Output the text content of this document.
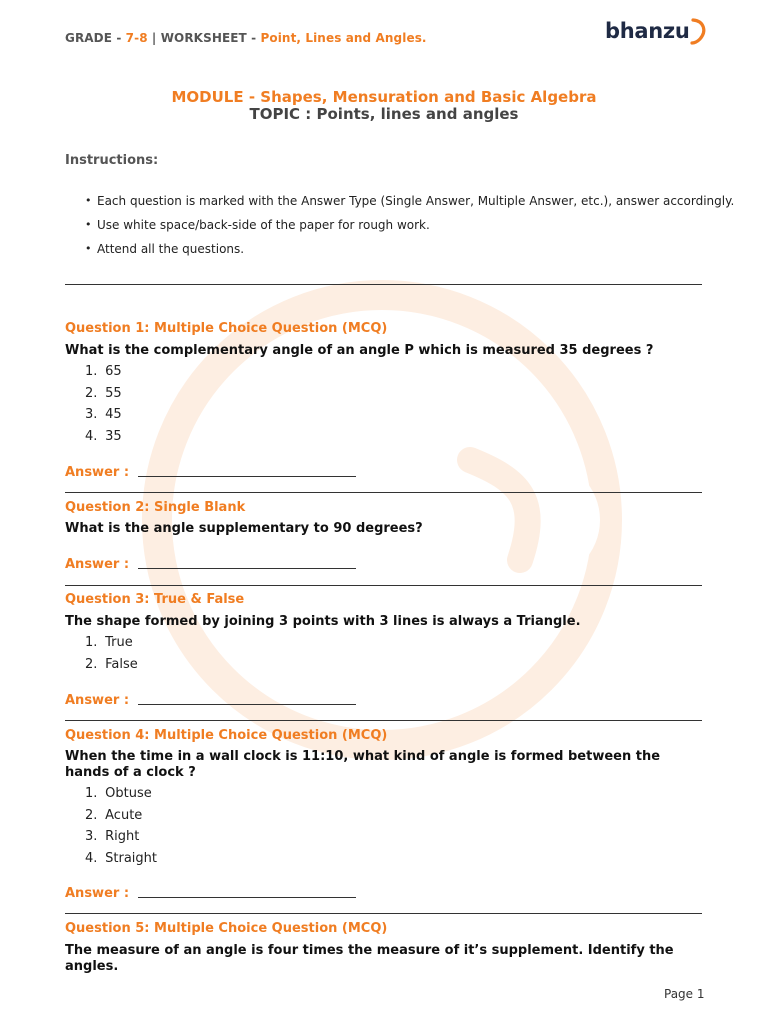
GRADE - 7-8 | WORKSHEET - Point, Lines and Angles.	bhanzu
MODULE - Shapes, Mensuration and Basic Algebra
TOPIC : Points, lines and angles
Instructions:
• Each question is marked with the Answer Type (Single Answer, Multiple Answer, etc.), answer accordingly.
• Use white space/back-side of the paper for rough work.
• Attend all the questions.
Question 1: Multiple Choice Question (MCQ)
What is the complementary angle of an angle P which is measured 35 degrees ?
1. 65
2. 55
3. 45
4. 35
Answer :
Question 2: Single Blank
What is the angle supplementary to 90 degrees?
Answer :
Question 3: True & False
The shape formed by joining 3 points with 3 lines is always a Triangle.
1. True
2. False
Answer :
Question 4: Multiple Choice Question (MCQ)
When the time in a wall clock is 11:10, what kind of angle is formed between the hands of a clock ?
1. Obtuse
2. Acute
3. Right
4. Straight
Answer :
Question 5: Multiple Choice Question (MCQ)
The measure of an angle is four times the measure of it’s supplement. Identify the angles.
Page 1
